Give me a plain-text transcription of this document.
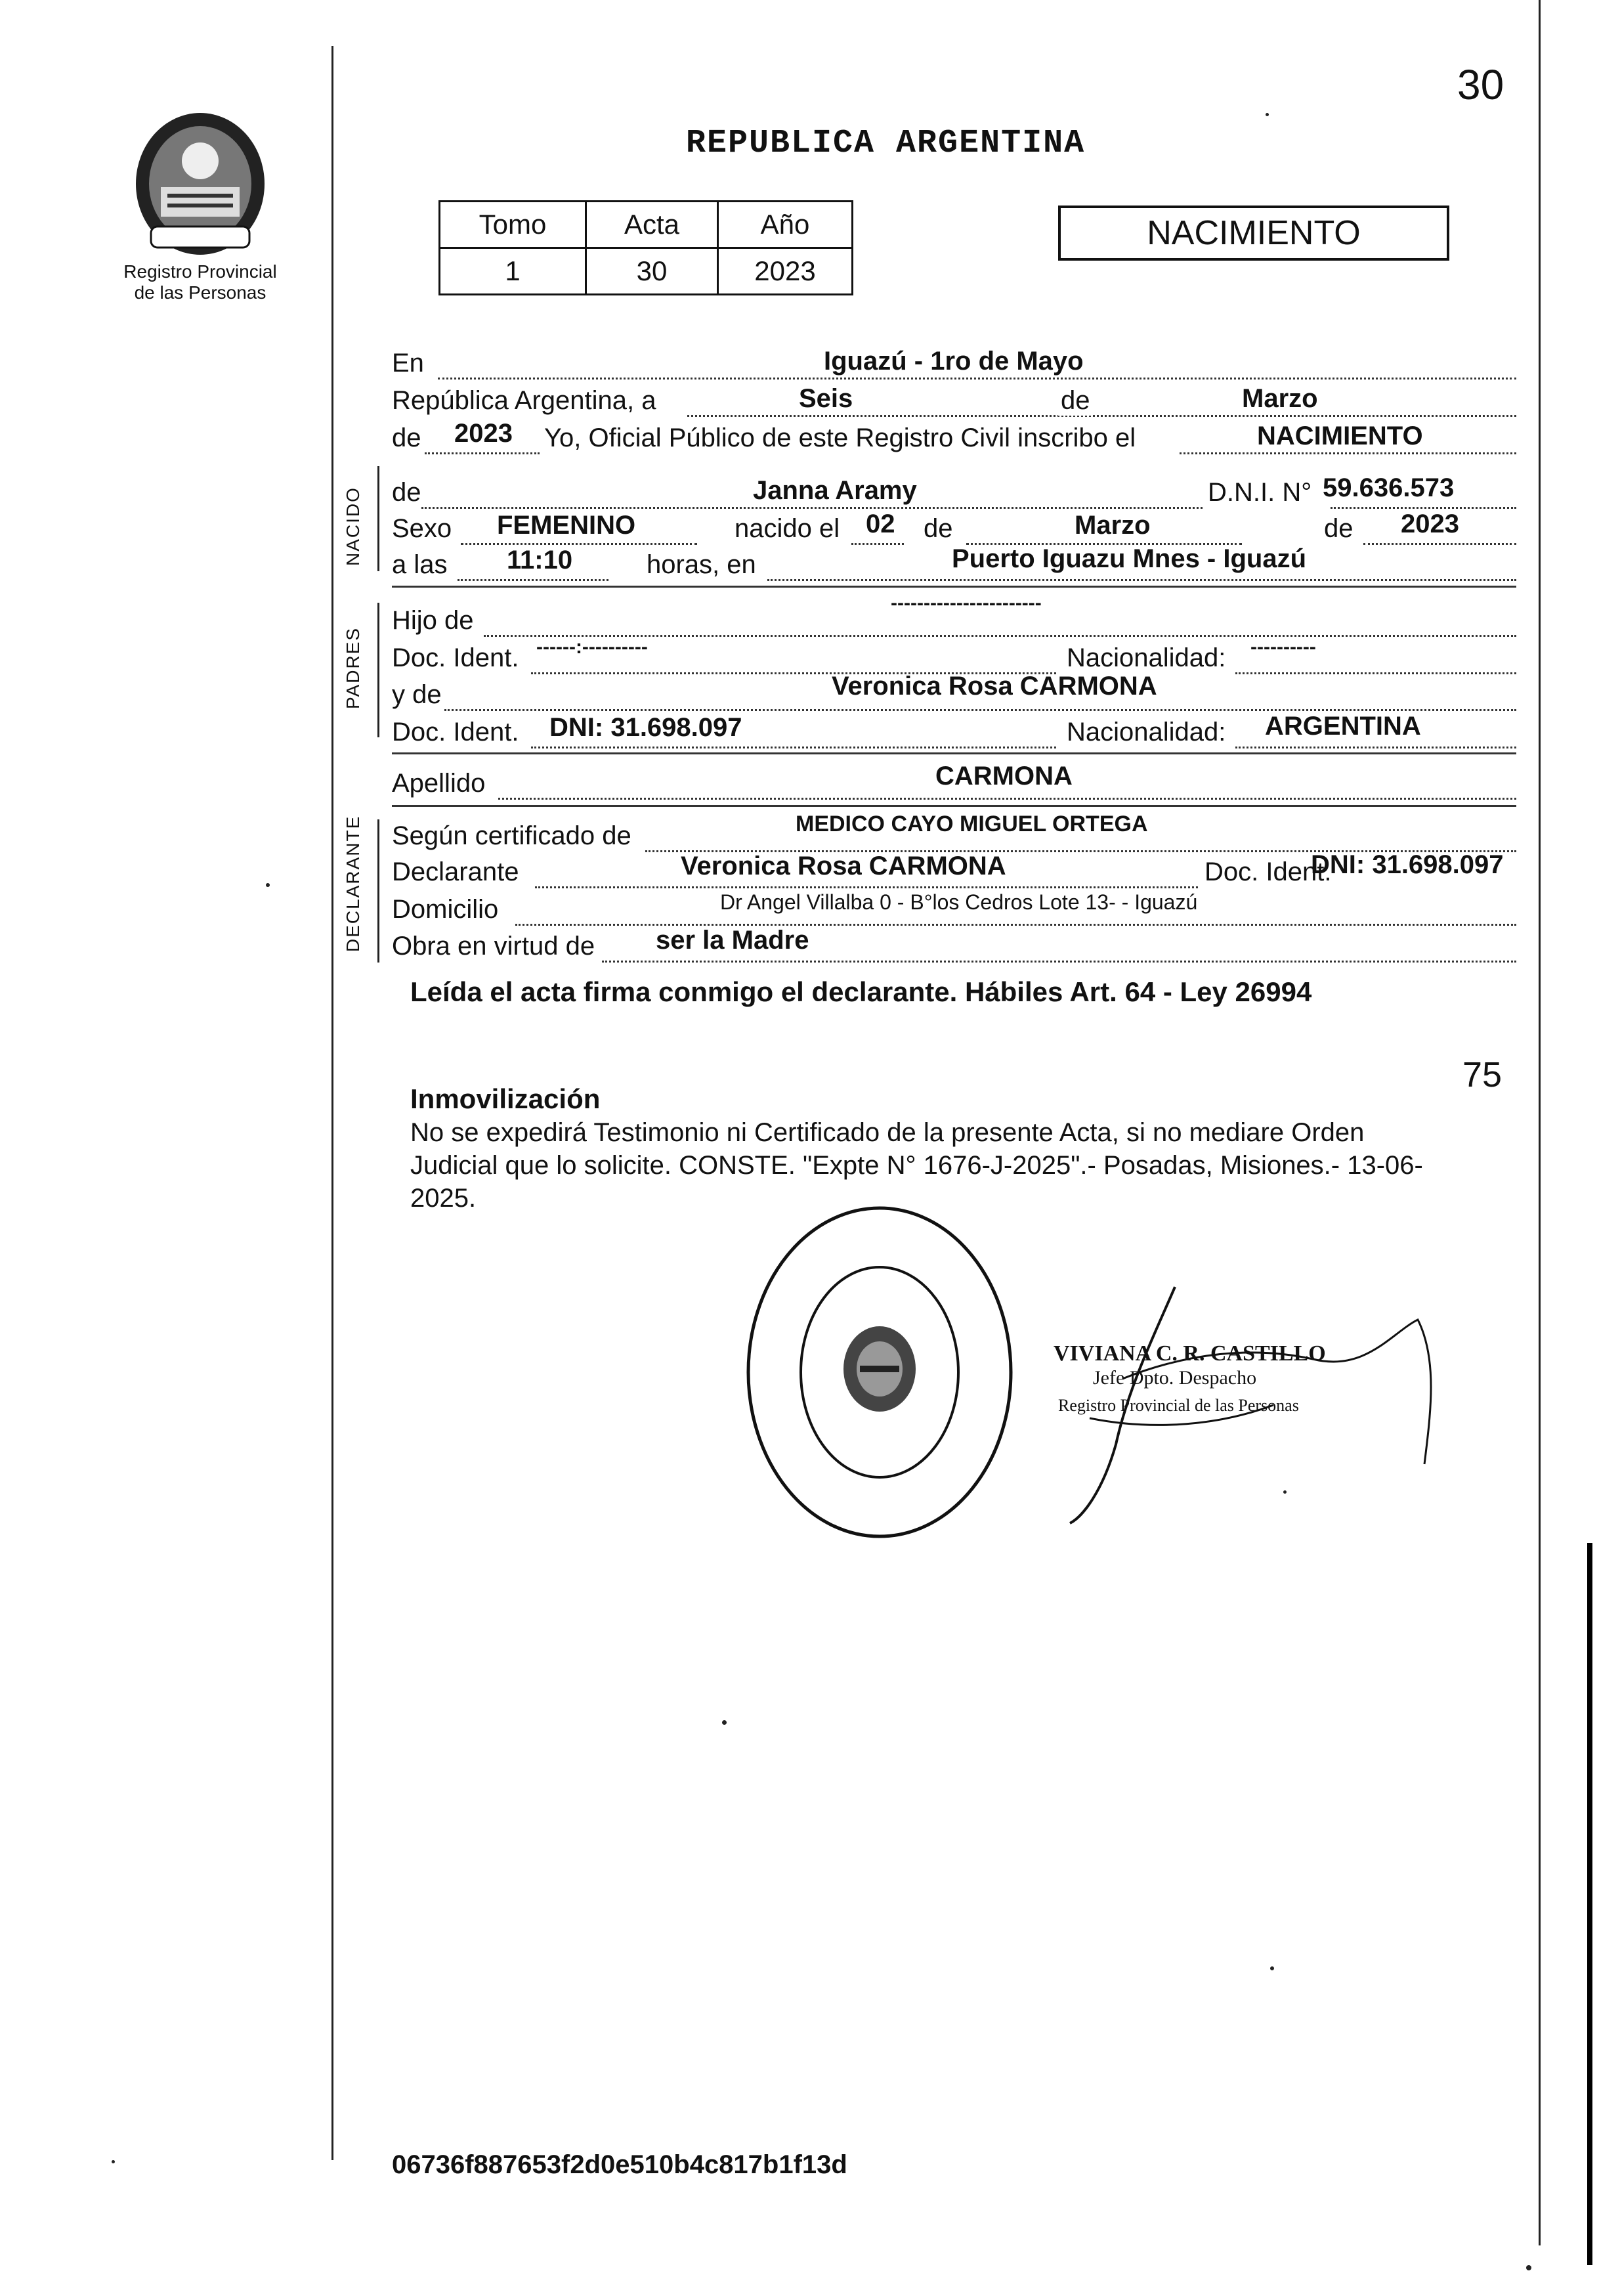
30
Registro Provincial
de las Personas
REPUBLICA ARGENTINA
Tomo	Acta	Año
1	30	2023
NACIMIENTO
En	Iguazú - 1ro de Mayo
República Argentina, a	Seis	de	Marzo
de 2023 Yo, Oficial Público de este Registro Civil inscribo el	NACIMIENTO
NACIDO de	Janna Aramy	D.N.I. N° 59.636.573
Sexo FEMENINO	nacido el 02 de	Marzo	de 2023
a las 11:10	horas, en	Puerto Iguazu Mnes - Iguazú
PADRES
Hijo de
-----------------------
Doc. Ident. ------:----------	Nacionalidad: ----------
y de	Veronica Rosa CARMONA
Doc. Ident. DNI: 31.698.097	Nacionalidad: ARGENTINA
Apellido	CARMONA
DECLARANTE Según certificado de	MEDICO CAYO MIGUEL ORTEGA
Declarante	Veronica Rosa CARMONA	Doc. Ident.
DNI: 31.698.097
Domicilio	Dr Angel Villalba 0 - B°los Cedros Lote 13- - Iguazú
Obra en virtud de ser la Madre
Leída el acta firma conmigo el declarante. Hábiles Art. 64 - Ley 26994
75
Inmovilización
No se expedirá Testimonio ni Certificado de la presente Acta, si no mediare Orden
Judicial que lo solicite. CONSTE. "Expte N° 1676-J-2025".- Posadas, Misiones.- 13-06-
2025.
VIVIANA C. R. CASTILLO
Jefe Dpto. Despacho
Registro Provincial de las Personas
06736f887653f2d0e510b4c817b1f13d
